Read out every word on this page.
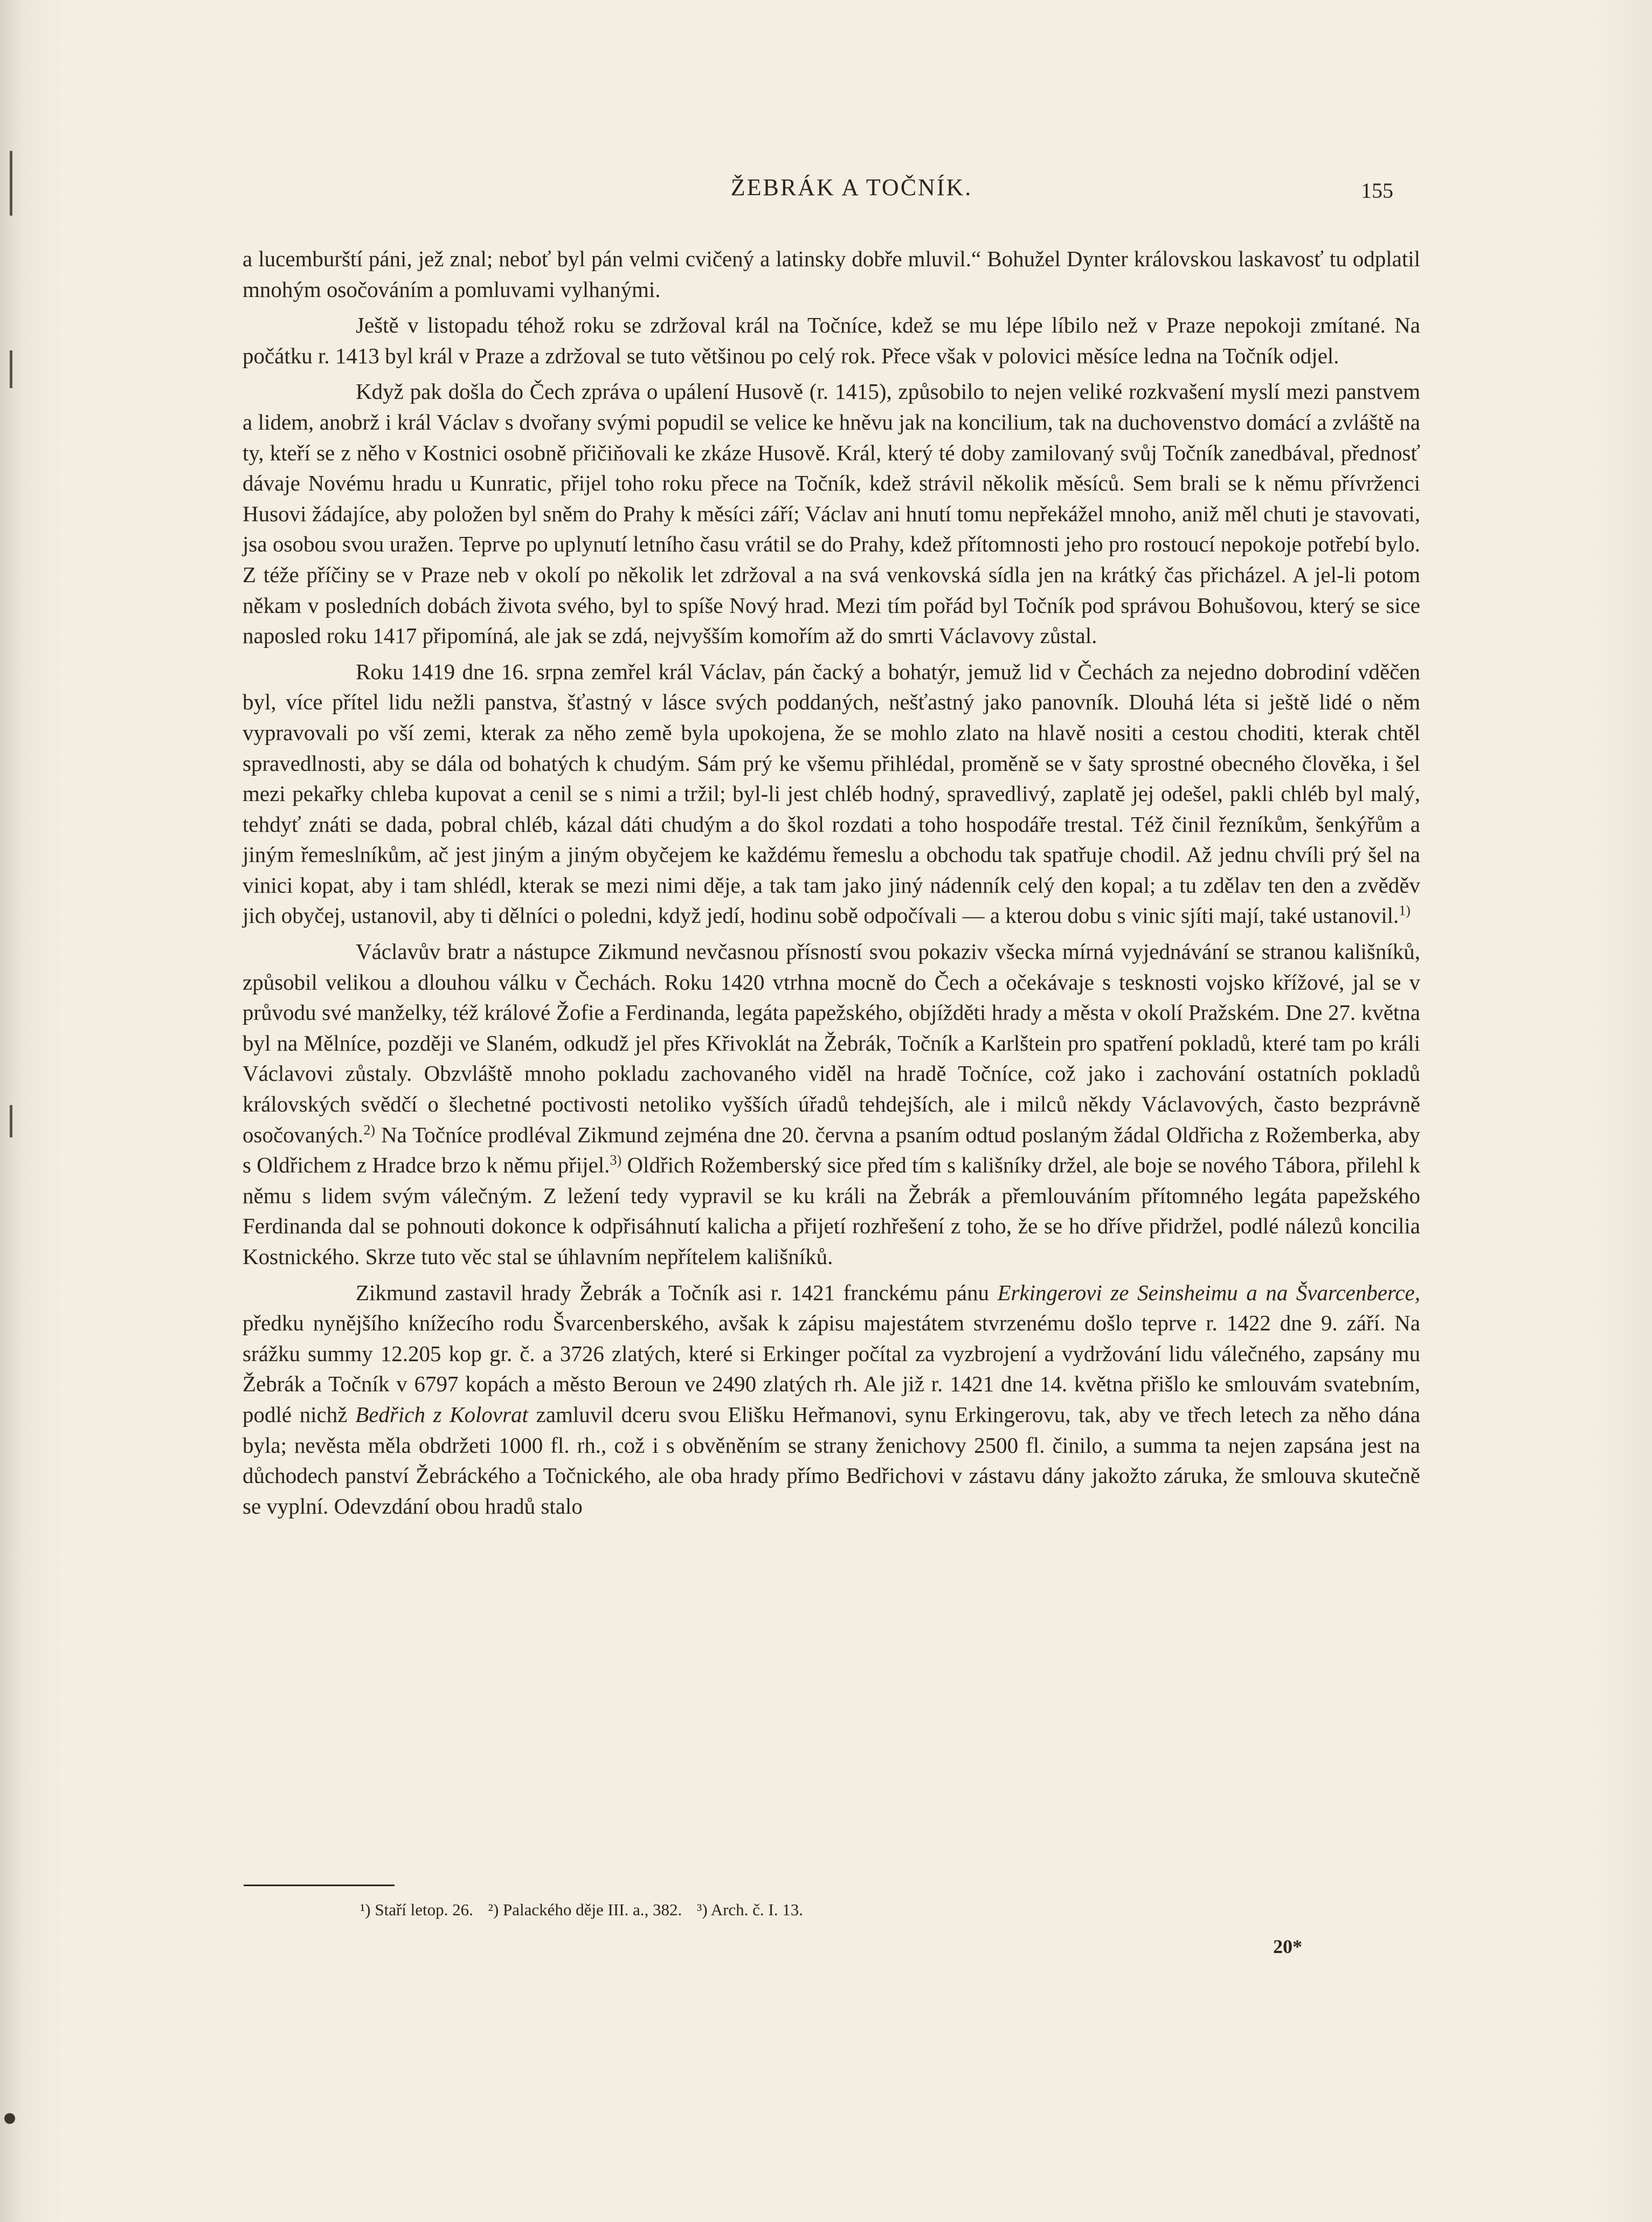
ŽEBRÁK A TOČNÍK.	155

a lucemburští páni, jež znal; neboť byl pán velmi cvičený a latinsky dobře mluvil.“ Bohužel Dynter královskou laskavosť tu odplatil mnohým osočováním a pomluvami vylhanými.

Ještě v listopadu téhož roku se zdržoval král na Točníce, kdež se mu lépe líbilo než v Praze nepokoji zmítané. Na počátku r. 1413 byl král v Praze a zdržoval se tuto většinou po celý rok. Přece však v polovici měsíce ledna na Točník odjel.

Když pak došla do Čech zpráva o upálení Husově (r. 1415), způsobilo to nejen veliké rozkvašení myslí mezi panstvem a lidem, anobrž i král Václav s dvořany svými popudil se velice ke hněvu jak na koncilium, tak na duchovenstvo domácí a zvláště na ty, kteří se z něho v Kostnici osobně přičiňovali ke zkáze Husově. Král, který té doby zamilovaný svůj Točník zanedbával, přednosť dávaje Novému hradu u Kunratic, přijel toho roku přece na Točník, kdež strávil několik měsíců. Sem brali se k němu přívrženci Husovi žádajíce, aby položen byl sněm do Prahy k měsíci září; Václav ani hnutí tomu nepřekážel mnoho, aniž měl chuti je stavovati, jsa osobou svou uražen. Teprve po uplynutí letního času vrátil se do Prahy, kdež přítomnosti jeho pro rostoucí nepokoje potřebí bylo. Z téže příčiny se v Praze neb v okolí po několik let zdržoval a na svá venkovská sídla jen na krátký čas přicházel. A jel-li potom někam v posledních dobách života svého, byl to spíše Nový hrad. Mezi tím pořád byl Točník pod správou Bohušovou, který se sice naposled roku 1417 připomíná, ale jak se zdá, nejvyšším komořím až do smrti Václavovy zůstal.

Roku 1419 dne 16. srpna zemřel král Václav, pán čacký a bohatýr, jemuž lid v Čechách za nejedno dobrodiní vděčen byl, více přítel lidu nežli panstva, šťastný v lásce svých poddaných, nešťastný jako panovník. Dlouhá léta si ještě lidé o něm vypravovali po vší zemi, kterak za něho země byla upokojena, že se mohlo zlato na hlavě nositi a cestou choditi, kterak chtěl spravedlnosti, aby se dála od bohatých k chudým. Sám prý ke všemu přihlédal, proměně se v šaty sprostné obecného člověka, i šel mezi pekařky chleba kupovat a cenil se s nimi a tržil; byl-li jest chléb hodný, spravedlivý, zaplatě jej odešel, pakli chléb byl malý, tehdyť znáti se dada, pobral chléb, kázal dáti chudým a do škol rozdati a toho hospodáře trestal. Též činil řezníkům, šenkýřům a jiným řemeslníkům, ač jest jiným a jiným obyčejem ke každému řemeslu a obchodu tak spatřuje chodil. Až jednu chvíli prý šel na vinici kopat, aby i tam shlédl, kterak se mezi nimi děje, a tak tam jako jiný nádenník celý den kopal; a tu zdělav ten den a zvěděv jich obyčej, ustanovil, aby ti dělníci o poledni, když jedí, hodinu sobě odpočívali — a kterou dobu s vinic sjíti mají, také ustanovil.$^{1)}$

Václavův bratr a nástupce Zikmund nevčasnou přísností svou pokaziv všecka mírná vyjednávání se stranou kališníků, způsobil velikou a dlouhou válku v Čechách. Roku 1420 vtrhna mocně do Čech a očekávaje s tesknosti vojsko křížové, jal se v průvodu své manželky, též králové Žofie a Ferdinanda, legáta papežského, objížděti hrady a města v okolí Pražském. Dne 27. května byl na Mělníce, později ve Slaném, odkudž jel přes Křivoklát na Žebrák, Točník a Karlštein pro spatření pokladů, které tam po králi Václavovi zůstaly. Obzvláště mnoho pokladu zachovaného viděl na hradě Točníce, což jako i zachování ostatních pokladů královských svědčí o šlechetné poctivosti netoliko vyšších úřadů tehdejších, ale i milců někdy Václavových, často bezprávně osočovaných.$^{2)}$ Na Točníce prodléval Zikmund zejména dne 20. června a psaním odtud poslaným žádal Oldřicha z Rožemberka, aby s Oldřichem z Hradce brzo k němu přijel.$^{3)}$ Oldřich Rožemberský sice před tím s kališníky držel, ale boje se nového Tábora, přilehl k němu s lidem svým válečným. Z ležení tedy vypravil se ku králi na Žebrák a přemlouváním přítomného legáta papežského Ferdinanda dal se pohnouti dokonce k odpřisáhnutí kalicha a přijetí rozhřešení z toho, že se ho dříve přidržel, podlé nálezů koncilia Kostnického. Skrze tuto věc stal se úhlavním nepřítelem kališníků.

Zikmund zastavil hrady Žebrák a Točník asi r. 1421 franckému pánu Erkingerovi ze Seinsheimu a na Švarcenberce, předku nynějšího knížecího rodu Švarcenberského, avšak k zápisu majestátem stvrzenému došlo teprve r. 1422 dne 9. září. Na srážku summy 12.205 kop gr. č. a 3726 zlatých, které si Erkinger počítal za vyzbrojení a vydržování lidu válečného, zapsány mu Žebrák a Točník v 6797 kopách a město Beroun ve 2490 zlatých rh. Ale již r. 1421 dne 14. května přišlo ke smlouvám svatebním, podlé nichž Bedřich z Kolovrat zamluvil dceru svou Elišku Heřmanovi, synu Erkingerovu, tak, aby ve třech letech za něho dána byla; nevěsta měla obdržeti 1000 fl. rh., což i s obvěněním se strany ženichovy 2500 fl. činilo, a summa ta nejen zapsána jest na důchodech panství Žebráckého a Točnického, ale oba hrady přímo Bedřichovi v zástavu dány jakožto záruka, že smlouva skutečně se vyplní. Odevzdání obou hradů stalo

¹) Staří letop. 26. ²) Palackého děje III. a., 382. ³) Arch. č. I. 13.
20*
